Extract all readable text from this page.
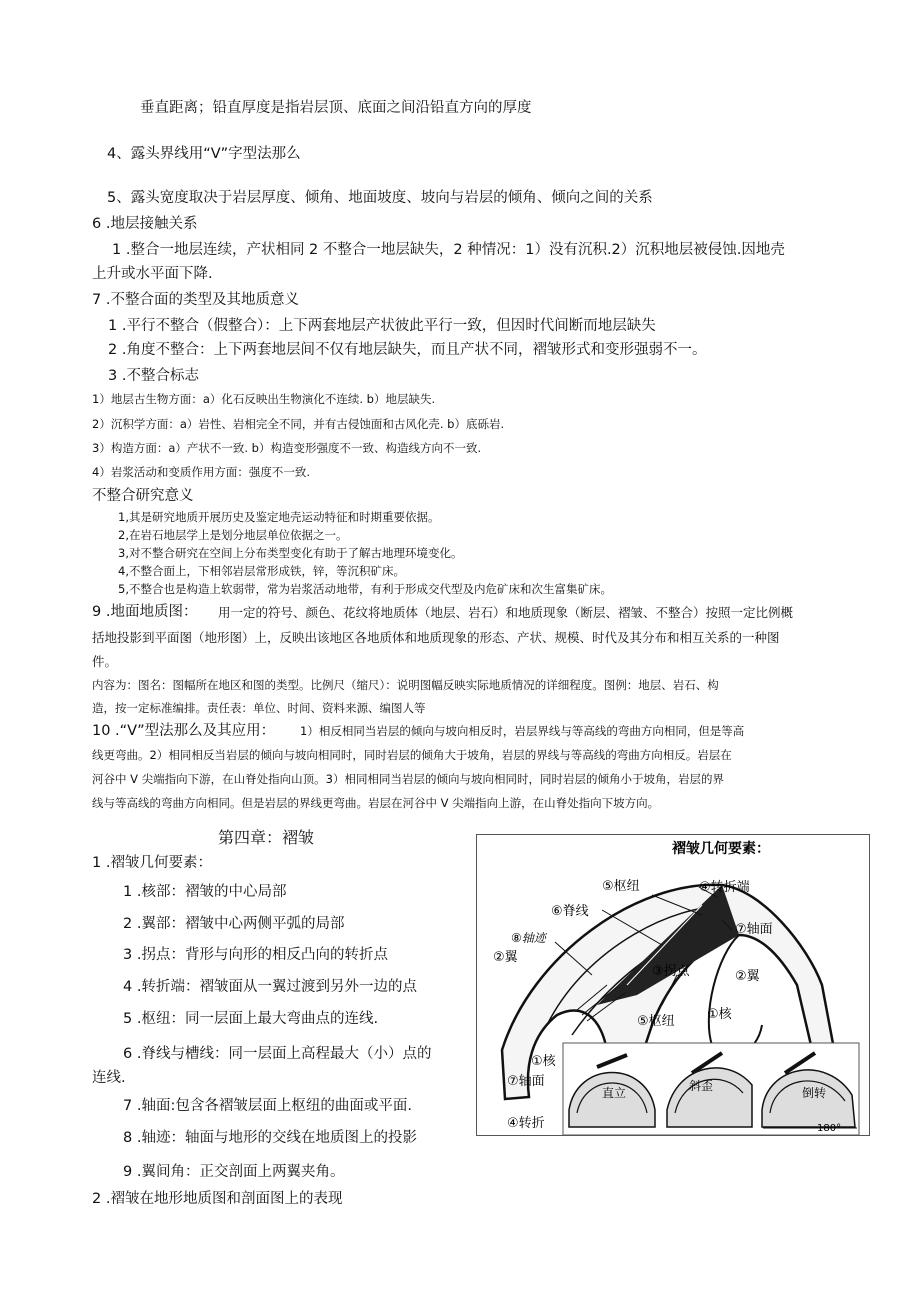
垂直距离；铅直厚度是指岩层顶、底面之间沿铅直方向的厚度
4、露头界线用“V”字型法那么
5、露头宽度取决于岩层厚度、倾角、地面坡度、坡向与岩层的倾角、倾向之间的关系
6 .地层接触关系
1 .整合一地层连续，产状相同 2 不整合一地层缺失，2 种情况：1）没有沉积.2）沉积地层被侵蚀.因地壳
上升或水平面下降.
7 .不整合面的类型及其地质意义
1 .平行不整合（假整合）：上下两套地层产状彼此平行一致，但因时代间断而地层缺失
2 .角度不整合：上下两套地层间不仅有地层缺失，而且产状不同，褶皱形式和变形强弱不一。
3 .不整合标志
1）地层古生物方面：a）化石反映出生物演化不连续. b）地层缺失.
2）沉积学方面：a）岩性、岩相完全不同，并有古侵蚀面和古风化壳. b）底砾岩.
3）构造方面：a）产状不一致. b）构造变形强度不一致、构造线方向不一致.
4）岩浆活动和变质作用方面：强度不一致.
不整合研究意义
1,其是研究地质开展历史及鉴定地壳运动特征和时期重要依据。
2,在岩石地层学上是划分地层单位依据之一。
3,对不整合研究在空间上分布类型变化有助于了解古地理环境变化。
4,不整合面上，下相邻岩层常形成铁，锌，等沉积矿床。
5,不整合也是构造上软弱带，常为岩浆活动地带，有利于形成交代型及内危矿床和次生富集矿床。
9 .地面地质图： 用一定的符号、颜色、花纹将地质体（地层、岩石）和地质现象（断层、褶皱、不整合）按照一定比例概
括地投影到平面图（地形图）上，反映出该地区各地质体和地质现象的形态、产状、规模、时代及其分布和相互关系的一种图
件。
内容为：图名：图幅所在地区和图的类型。比例尺（缩尺）：说明图幅反映实际地质情况的详细程度。图例：地层、岩石、构
造，按一定标准编排。责任表：单位、时间、资料来源、编图人等
10 .“V”型法那么及其应用： 1）相反相同当岩层的倾向与坡向相反时，岩层界线与等高线的弯曲方向相同，但是等高
线更弯曲。2）相同相反当岩层的倾向与坡向相同时，同时岩层的倾角大于坡角，岩层的界线与等高线的弯曲方向相反。岩层在
河谷中 V 尖端指向下游，在山脊处指向山顶。3）相同相同当岩层的倾向与坡向相同时，同时岩层的倾角小于坡角，岩层的界
线与等高线的弯曲方向相同。但是岩层的界线更弯曲。岩层在河谷中 V 尖端指向上游，在山脊处指向下坡方向。
第四章：褶皱
1 .褶皱几何要素：
1 .核部：褶皱的中心局部
2 .翼部：褶皱中心两侧平弧的局部
3 .拐点：背形与向形的相反凸向的转折点
4 .转折端：褶皱面从一翼过渡到另外一边的点
5 .枢纽：同一层面上最大弯曲点的连线.
6 .脊线与槽线：同一层面上高程最大（小）点的
连线.
7 .轴面:包含各褶皱层面上枢纽的曲面或平面.
8 .轴迹：轴面与地形的交线在地质图上的投影
9 .翼间角：正交剖面上两翼夹角。
2 .褶皱在地形地质图和剖面图上的表现
褶皱几何要素：
⑤枢纽	④转折端
⑥脊线
⑦轴面
⑧轴迹
②翼
③拐点	②翼
⑤枢纽 ①核
①核
⑦轴面
④转折
直立	斜歪	倒转
180°
